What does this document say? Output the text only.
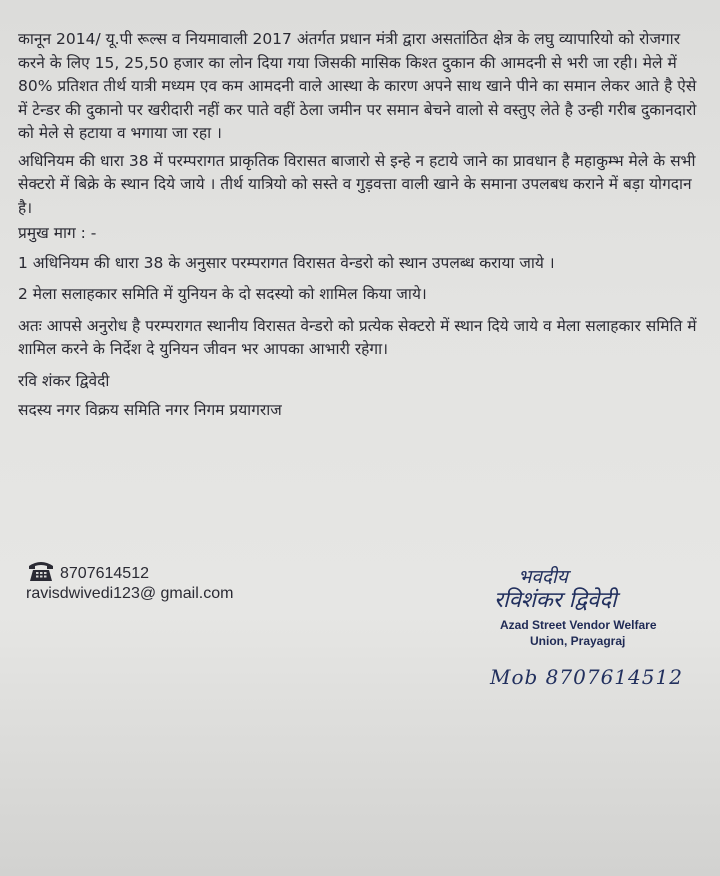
कानून 2014/ यू.पी रूल्स व नियमावाली 2017 अंतर्गत प्रधान मंत्री द्वारा असतांठित क्षेत्र के लघु व्यापारियो को रोजगार करने के लिए 15, 25,50 हजार का लोन दिया गया जिसकी मासिक किश्त दुकान की आमदनी से भरी जा रही। मेले में 80% प्रतिशत तीर्थ यात्री मध्यम एव कम आमदनी वाले आस्था के कारण अपने साथ खाने पीने का समान लेकर आते है ऐसे में टेन्डर की दुकानो पर खरीदारी नहीं कर पाते वहीं ठेला जमीन पर समान बेचने वालो से वस्तुए लेते है उन्ही गरीब दुकानदारो को मेले से हटाया व भगाया जा रहा ।

अधिनियम की धारा 38 में परम्परागत प्राकृतिक विरासत बाजारो से इन्हे न हटाये जाने का प्रावधान है महाकुम्भ मेले के सभी सेक्टरो में बिक्रे के स्थान दिये जाये । तीर्थ यात्रियो को सस्ते व गुड़वत्ता वाली खाने के समाना उपलबध कराने में बड़ा योगदान है।

प्रमुख माग : -

1 अधिनियम की धारा 38 के अनुसार परम्परागत विरासत वेन्डरो को स्थान उपलब्ध कराया जाये ।

2 मेला सलाहकार समिति में युनियन के दो सदस्यो को शामिल किया जाये।

अतः आपसे अनुरोध है परम्परागत स्थानीय विरासत वेन्डरो को प्रत्येक सेक्टरो में स्थान दिये जाये व मेला सलाहकार समिति में शामिल करने के निर्देश दे युनियन जीवन भर आपका आभारी रहेगा।

रवि शंकर द्विवेदी

सदस्य नगर विक्रय समिति नगर निगम प्रयागराज

8707614512
ravisdwivedi123@ gmail.com
भवदीय
रविशंकर द्विवेदी
Azad Street Vendor Welfare
Union, Prayagraj
Mob 8707614512
